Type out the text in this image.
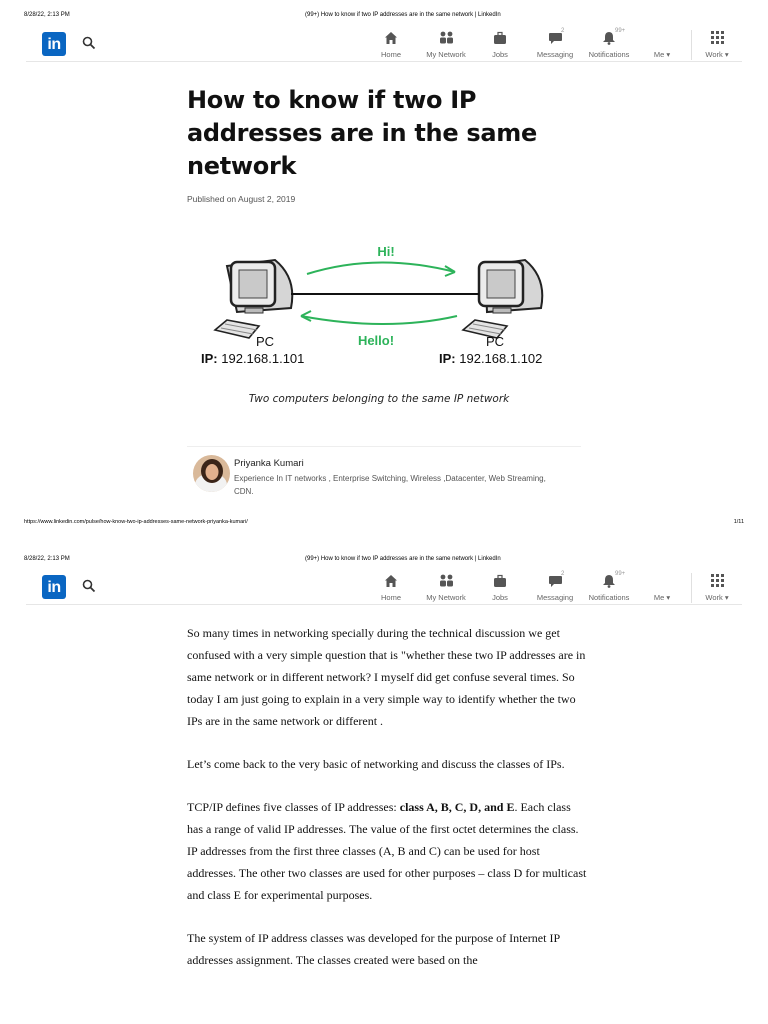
8/28/22, 2:13 PM	(99+) How to know if two IP addresses are in the same network | LinkedIn
in
Home	My Network	Jobs
2
Messaging
99+
Notifications	Me ▾	Work ▾
How to know if two IP addresses are in the same network
Published on August 2, 2019
Hi!
Hello!
PC	PC
IP: 192.168.1.101	IP: 192.168.1.102
Two computers belonging to the same IP network
Priyanka Kumari
Experience In IT networks , Enterprise Switching, Wireless ,Datacenter, Web Streaming, CDN.
https://www.linkedin.com/pulse/how-know-two-ip-addresses-same-network-priyanka-kumari/	1/11
8/28/22, 2:13 PM	(99+) How to know if two IP addresses are in the same network | LinkedIn
in
Home	My Network	Jobs
2
Messaging
99+
Notifications	Me ▾	Work ▾

So many times in networking specially during the technical discussion we get confused with a very simple question that is "whether these two IP addresses are in same network or in different network? I myself did get confuse several times. So today I am just going to explain in a very simple way to identify whether the two IPs are in the same network or different .

Let’s come back to the very basic of networking and discuss the classes of IPs.

TCP/IP defines five classes of IP addresses: class A, B, C, D, and E. Each class has a range of valid IP addresses. The value of the first octet determines the class. IP addresses from the first three classes (A, B and C) can be used for host addresses. The other two classes are used for other purposes – class D for multicast and class E for experimental purposes.

The system of IP address classes was developed for the purpose of Internet IP addresses assignment. The classes created were based on the
